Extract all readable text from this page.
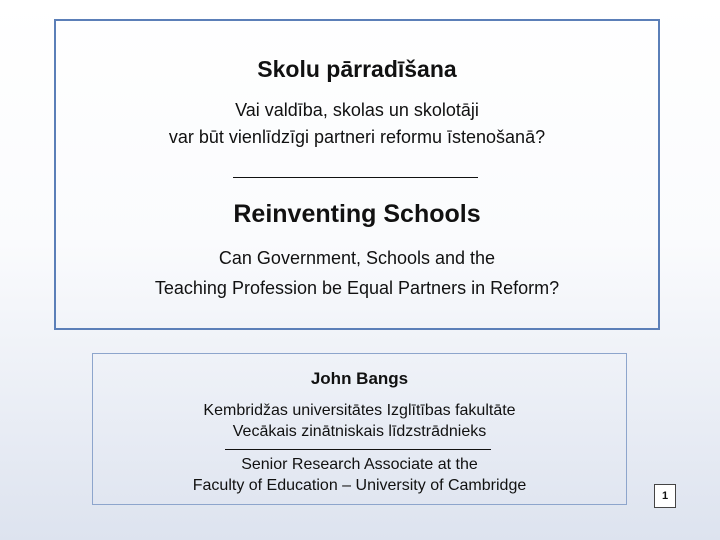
Skolu pārradīšana
Vai valdība, skolas un skolotāji
var būt vienlīdzīgi partneri reformu īstenošanā?
Reinventing Schools
Can Government, Schools and the
Teaching Profession be Equal Partners in Reform?
John Bangs
Kembridžas universitātes Izglītības fakultāte
Vecākais zinātniskais līdzstrādnieks
Senior Research Associate at the
Faculty of Education – University of Cambridge
1
